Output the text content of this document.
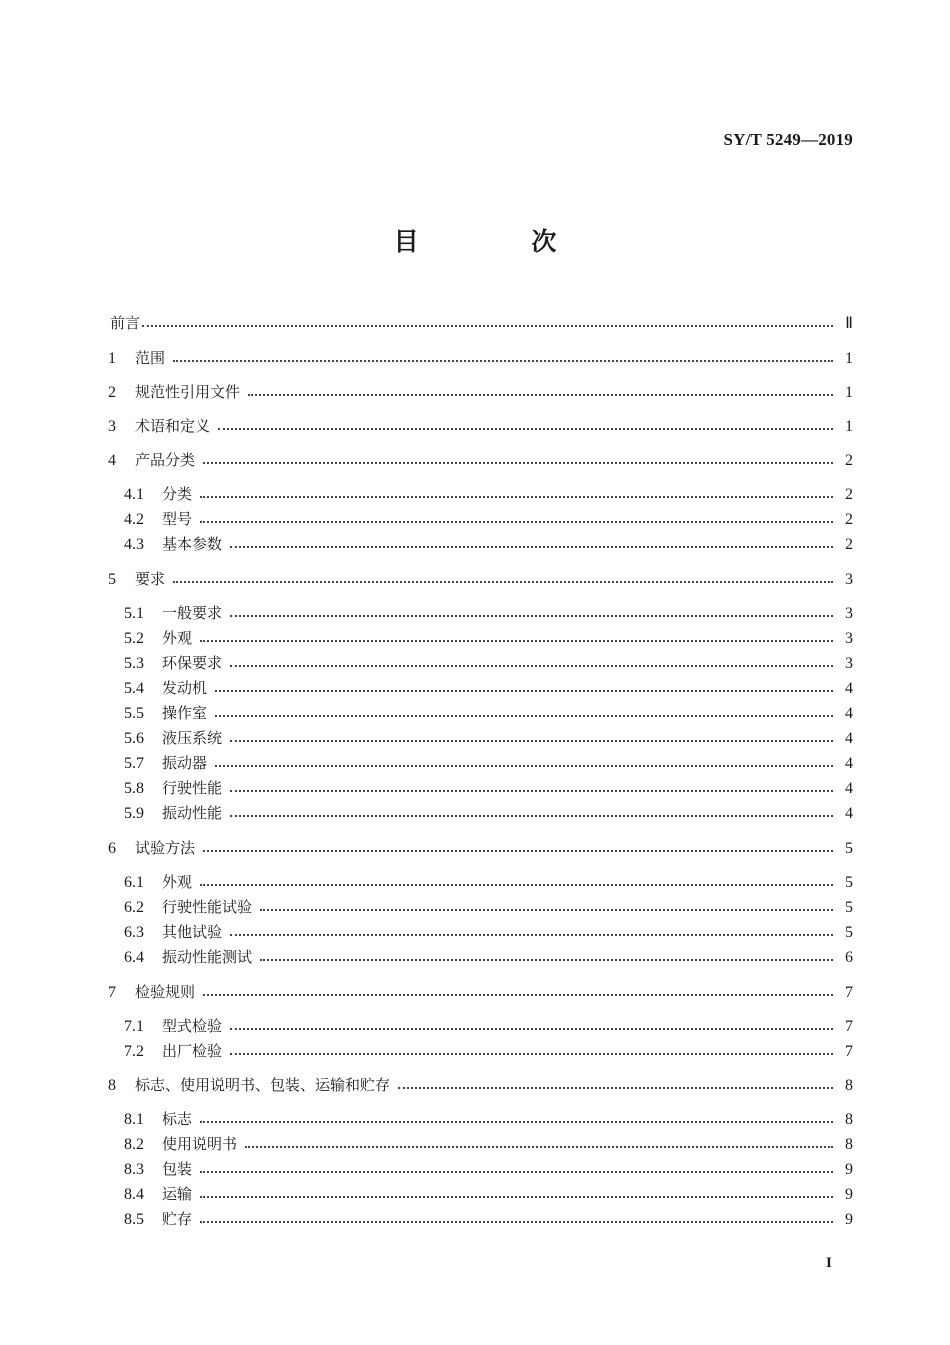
SY/T 5249—2019
目 次
前言	Ⅱ
1	范围	1
2	规范性引用文件	1
3	术语和定义	1
4	产品分类	2
4.1	分类	2
4.2	型号	2
4.3	基本参数	2
5	要求	3
5.1	一般要求	3
5.2	外观	3
5.3	环保要求	3
5.4	发动机	4
5.5	操作室	4
5.6	液压系统	4
5.7	振动器	4
5.8	行驶性能	4
5.9	振动性能	4
6	试验方法	5
6.1	外观	5
6.2	行驶性能试验	5
6.3	其他试验	5
6.4	振动性能测试	6
7	检验规则	7
7.1	型式检验	7
7.2	出厂检验	7
8	标志、使用说明书、包装、运输和贮存	8
8.1	标志	8
8.2	使用说明书	8
8.3	包装	9
8.4	运输	9
8.5	贮存	9
I
